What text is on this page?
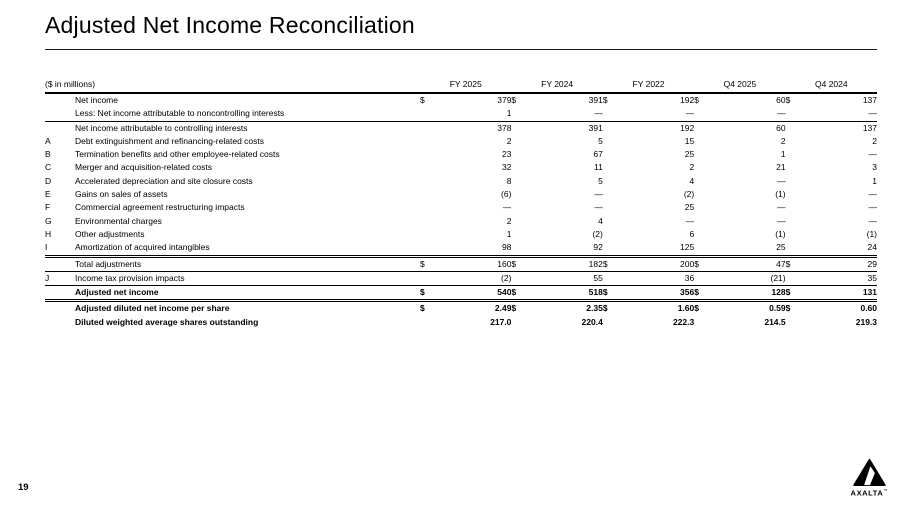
Adjusted Net Income Reconciliation
($ in millions)		FY 2025		FY 2024		FY 2022		Q4 2025		Q4 2024	
	Net income	$	379	$	391	$	192	$	60	$	137
	Less: Net income attributable to noncontrolling interests		1		—		—		—		—
	Net income attributable to controlling interests		378		391		192		60		137
A	Debt extinguishment and refinancing-related costs		2		5		15		2		2
B	Termination benefits and other employee-related costs		23		67		25		1		—
C	Merger and acquisition-related costs		32		11		2		21		3
D	Accelerated depreciation and site closure costs		8		5		4		—		1
E	Gains on sales of assets		(6)		—		(2)		(1)		—
F	Commercial agreement restructuring impacts		—		—		25		—		—
G	Environmental charges		2		4		—		—		—
H	Other adjustments		1		(2)		6		(1)		(1)
I	Amortization of acquired intangibles		98		92		125		25		24
	Total adjustments	$	160	$	182	$	200	$	47	$	29
J	Income tax provision impacts		(2)		55		36		(21)		35
	Adjusted net income	$	540	$	518	$	356	$	128	$	131
	Adjusted diluted net income per share	$	2.49	$	2.35	$	1.60	$	0.59	$	0.60
	Diluted weighted average shares outstanding		217.0		220.4		222.3		214.5		219.3
19	AXALTA™
